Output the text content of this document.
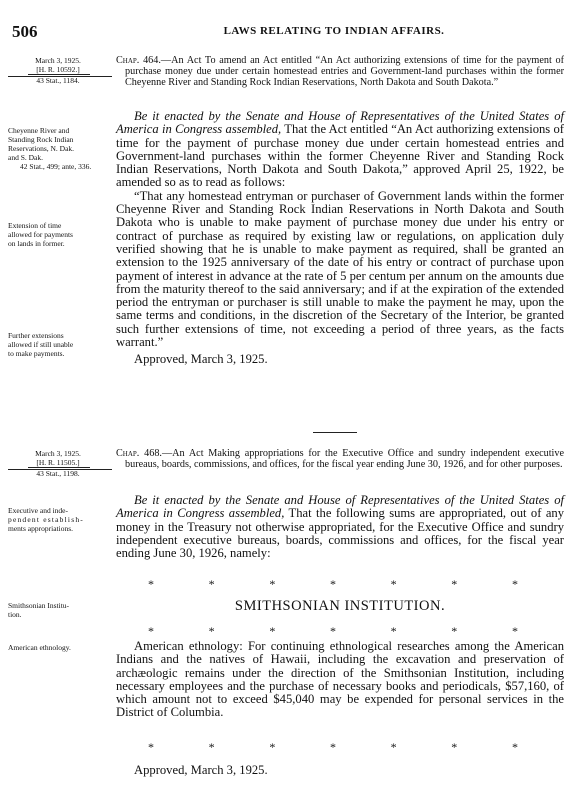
506	LAWS RELATING TO INDIAN AFFAIRS.
March 3, 1925.
[H. R. 10592.]
43 Stat., 1184.

Chap. 464.—An Act To amend an Act entitled “An Act authorizing extensions of time for the payment of purchase money due under certain homestead entries and Government-land purchases within the former Cheyenne River and Standing Rock Indian Reservations, North Dakota and South Dakota.”

Cheyenne River and
Standing Rock Indian
Reservations, N. Dak.
and S. Dak.
42 Stat., 499; ante, 336.
Extension of time
allowed for payments
on lands in former.
Further extensions
allowed if still unable
to make payments.

Be it enacted by the Senate and House of Representatives of the United States of America in Congress assembled, That the Act entitled “An Act authorizing extensions of time for the payment of purchase money due under certain homestead entries and Government-land purchases within the former Cheyenne River and Standing Rock Indian Reservations, North Dakota and South Dakota,” approved April 25, 1922, be amended so as to read as follows:

“That any homestead entryman or purchaser of Government lands within the former Cheyenne River and Standing Rock Indian Reservations in North Dakota and South Dakota who is unable to make payment of purchase money due under his entry or contract of purchase as required by existing law or regulations, on application duly verified showing that he is unable to make payment as required, shall be granted an extension to the 1925 anniversary of the date of his entry or contract of purchase upon payment of interest in advance at the rate of 5 per centum per annum on the amounts due from the maturity thereof to the said anniversary; and if at the expiration of the extended period the entryman or purchaser is still unable to make the payment he may, upon the same terms and conditions, in the discretion of the Secretary of the Interior, be granted such further extensions of time, not exceeding a period of three years, as the facts warrant.”

Approved, March 3, 1925.

March 3, 1925.
[H. R. 11505.]
43 Stat., 1198.

Chap. 468.—An Act Making appropriations for the Executive Office and sundry independent executive bureaus, boards, commissions, and offices, for the fiscal year ending June 30, 1926, and for other purposes.

Executive and inde-
pendent establish-
ments appropriations.
Smithsonian Institu-
tion.
American ethnology.

Be it enacted by the Senate and House of Representatives of the United States of America in Congress assembled, That the following sums are appropriated, out of any money in the Treasury not otherwise appropriated, for the Executive Office and sundry independent executive bureaus, boards, commissions and offices, for the fiscal year ending June 30, 1926, namely:

*	*	*	*	*	*	*
SMITHSONIAN INSTITUTION.
*	*	*	*	*	*	*

American ethnology: For continuing ethnological researches among the American Indians and the natives of Hawaii, including the excavation and preservation of archæologic remains under the direction of the Smithsonian Institution, including necessary employees and the purchase of necessary books and periodicals, $57,160, of which amount not to exceed $45,040 may be expended for personal services in the District of Columbia.

*	*	*	*	*	*	*

Approved, March 3, 1925.
